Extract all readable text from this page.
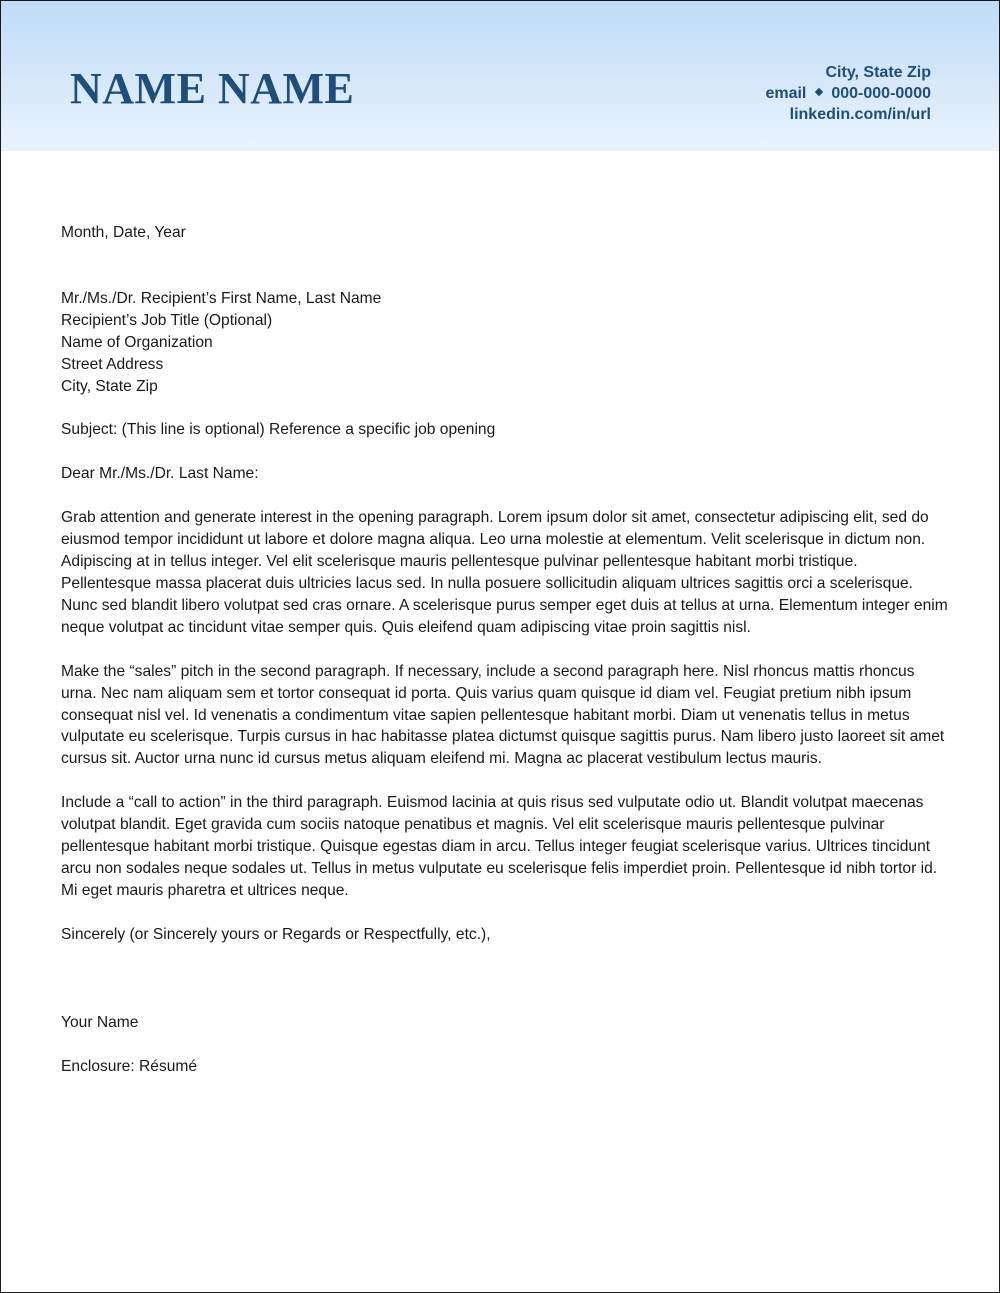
NAME NAME	City, State Zip
email 000-000-0000
linkedin.com/in/url

Month, Date, Year

Mr./Ms./Dr. Recipient’s First Name, Last Name
Recipient’s Job Title (Optional)
Name of Organization
Street Address
City, State Zip

Subject: (This line is optional) Reference a specific job opening

Dear Mr./Ms./Dr. Last Name:

Grab attention and generate interest in the opening paragraph. Lorem ipsum dolor sit amet, consectetur adipiscing elit, sed do eiusmod tempor incididunt ut labore et dolore magna aliqua. Leo urna molestie at elementum. Velit scelerisque in dictum non. Adipiscing at in tellus integer. Vel elit scelerisque mauris pellentesque pulvinar pellentesque habitant morbi tristique. Pellentesque massa placerat duis ultricies lacus sed. In nulla posuere sollicitudin aliquam ultrices sagittis orci a scelerisque. Nunc sed blandit libero volutpat sed cras ornare. A scelerisque purus semper eget duis at tellus at urna. Elementum integer enim neque volutpat ac tincidunt vitae semper quis. Quis eleifend quam adipiscing vitae proin sagittis nisl.

Make the “sales” pitch in the second paragraph. If necessary, include a second paragraph here. Nisl rhoncus mattis rhoncus urna. Nec nam aliquam sem et tortor consequat id porta. Quis varius quam quisque id diam vel. Feugiat pretium nibh ipsum consequat nisl vel. Id venenatis a condimentum vitae sapien pellentesque habitant morbi. Diam ut venenatis tellus in metus vulputate eu scelerisque. Turpis cursus in hac habitasse platea dictumst quisque sagittis purus. Nam libero justo laoreet sit amet cursus sit. Auctor urna nunc id cursus metus aliquam eleifend mi. Magna ac placerat vestibulum lectus mauris.

Include a “call to action” in the third paragraph. Euismod lacinia at quis risus sed vulputate odio ut. Blandit volutpat maecenas volutpat blandit. Eget gravida cum sociis natoque penatibus et magnis. Vel elit scelerisque mauris pellentesque pulvinar pellentesque habitant morbi tristique. Quisque egestas diam in arcu. Tellus integer feugiat scelerisque varius. Ultrices tincidunt arcu non sodales neque sodales ut. Tellus in metus vulputate eu scelerisque felis imperdiet proin. Pellentesque id nibh tortor id. Mi eget mauris pharetra et ultrices neque.

Sincerely (or Sincerely yours or Regards or Respectfully, etc.),

Your Name

Enclosure: Résumé
